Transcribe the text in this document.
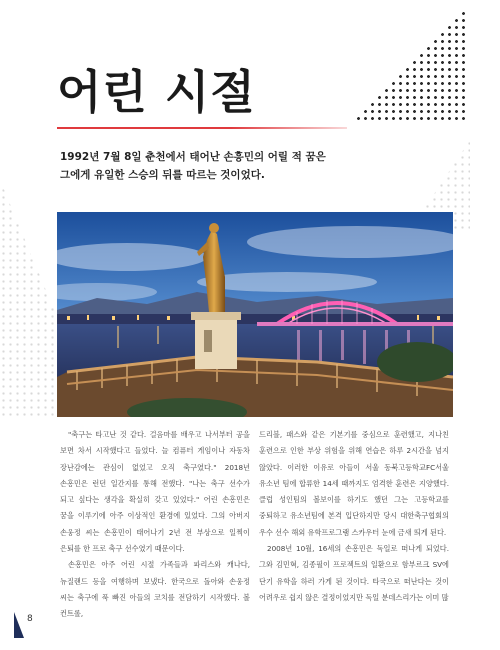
어린 시절
1992년 7월 8일 춘천에서 태어난 손흥민의 어릴 적 꿈은
그에게 유일한 스승의 뒤를 따르는 것이었다.

"축구는 타고난 것 같다. 걸음마를 배우고 나서부터 공을 보면 차서 시작했다고 들었다. 늘 컴퓨터 게임이나 자동차 장난감에는 관심이 없었고 오직 축구였다." 2018년 손흥민은 런던 일간지를 통해 전했다. "나는 축구 선수가 되고 싶다는 생각을 확실히 갖고 있었다." 어린 손흥민은 꿈을 이루기에 아주 이상적인 환경에 있었다. 그의 아버지 손웅정 씨는 손흥민이 태어나기 2년 전 부상으로 일찍이 은퇴를 한 프로 축구 선수였기 때문이다.

손흥민은 아주 어린 시절 가족들과 파리스와 캐나다, 뉴질랜드 등을 여행하며 보냈다. 한국으로 돌아와 손웅정 씨는 축구에 푹 빠진 아들의 코치를 전담하기 시작했다. 볼 컨트롤,

드리블, 패스와 같은 기본기를 중심으로 훈련했고, 지나친 훈련으로 인한 부상 위험을 위해 연습은 하루 2시간을 넘지 않았다. 이러한 이유로 아들이 서울 동북고등학교FC서울 유소년 팀에 합류한 14세 때까지도 엄격한 훈련은 지양했다. 클럽 성인팀의 볼보이를 하기도 했던 그는 고등학교를 중퇴하고 유소년팀에 본격 입단하지만 당시 대한축구협회의 우수 선수 해외 유학프로그램 스카우터 눈에 금새 띄게 된다.

2008년 10월, 16세의 손흥민은 독일로 떠나게 되었다. 그와 김민혁, 김종필이 프로젝트의 일환으로 함부르크 SV에 단기 유학을 하러 가게 된 것이다. 타국으로 떠난다는 것이 어려우로 쉽지 않은 결정이었지만 독일 분데스리가는 이미 많

8
